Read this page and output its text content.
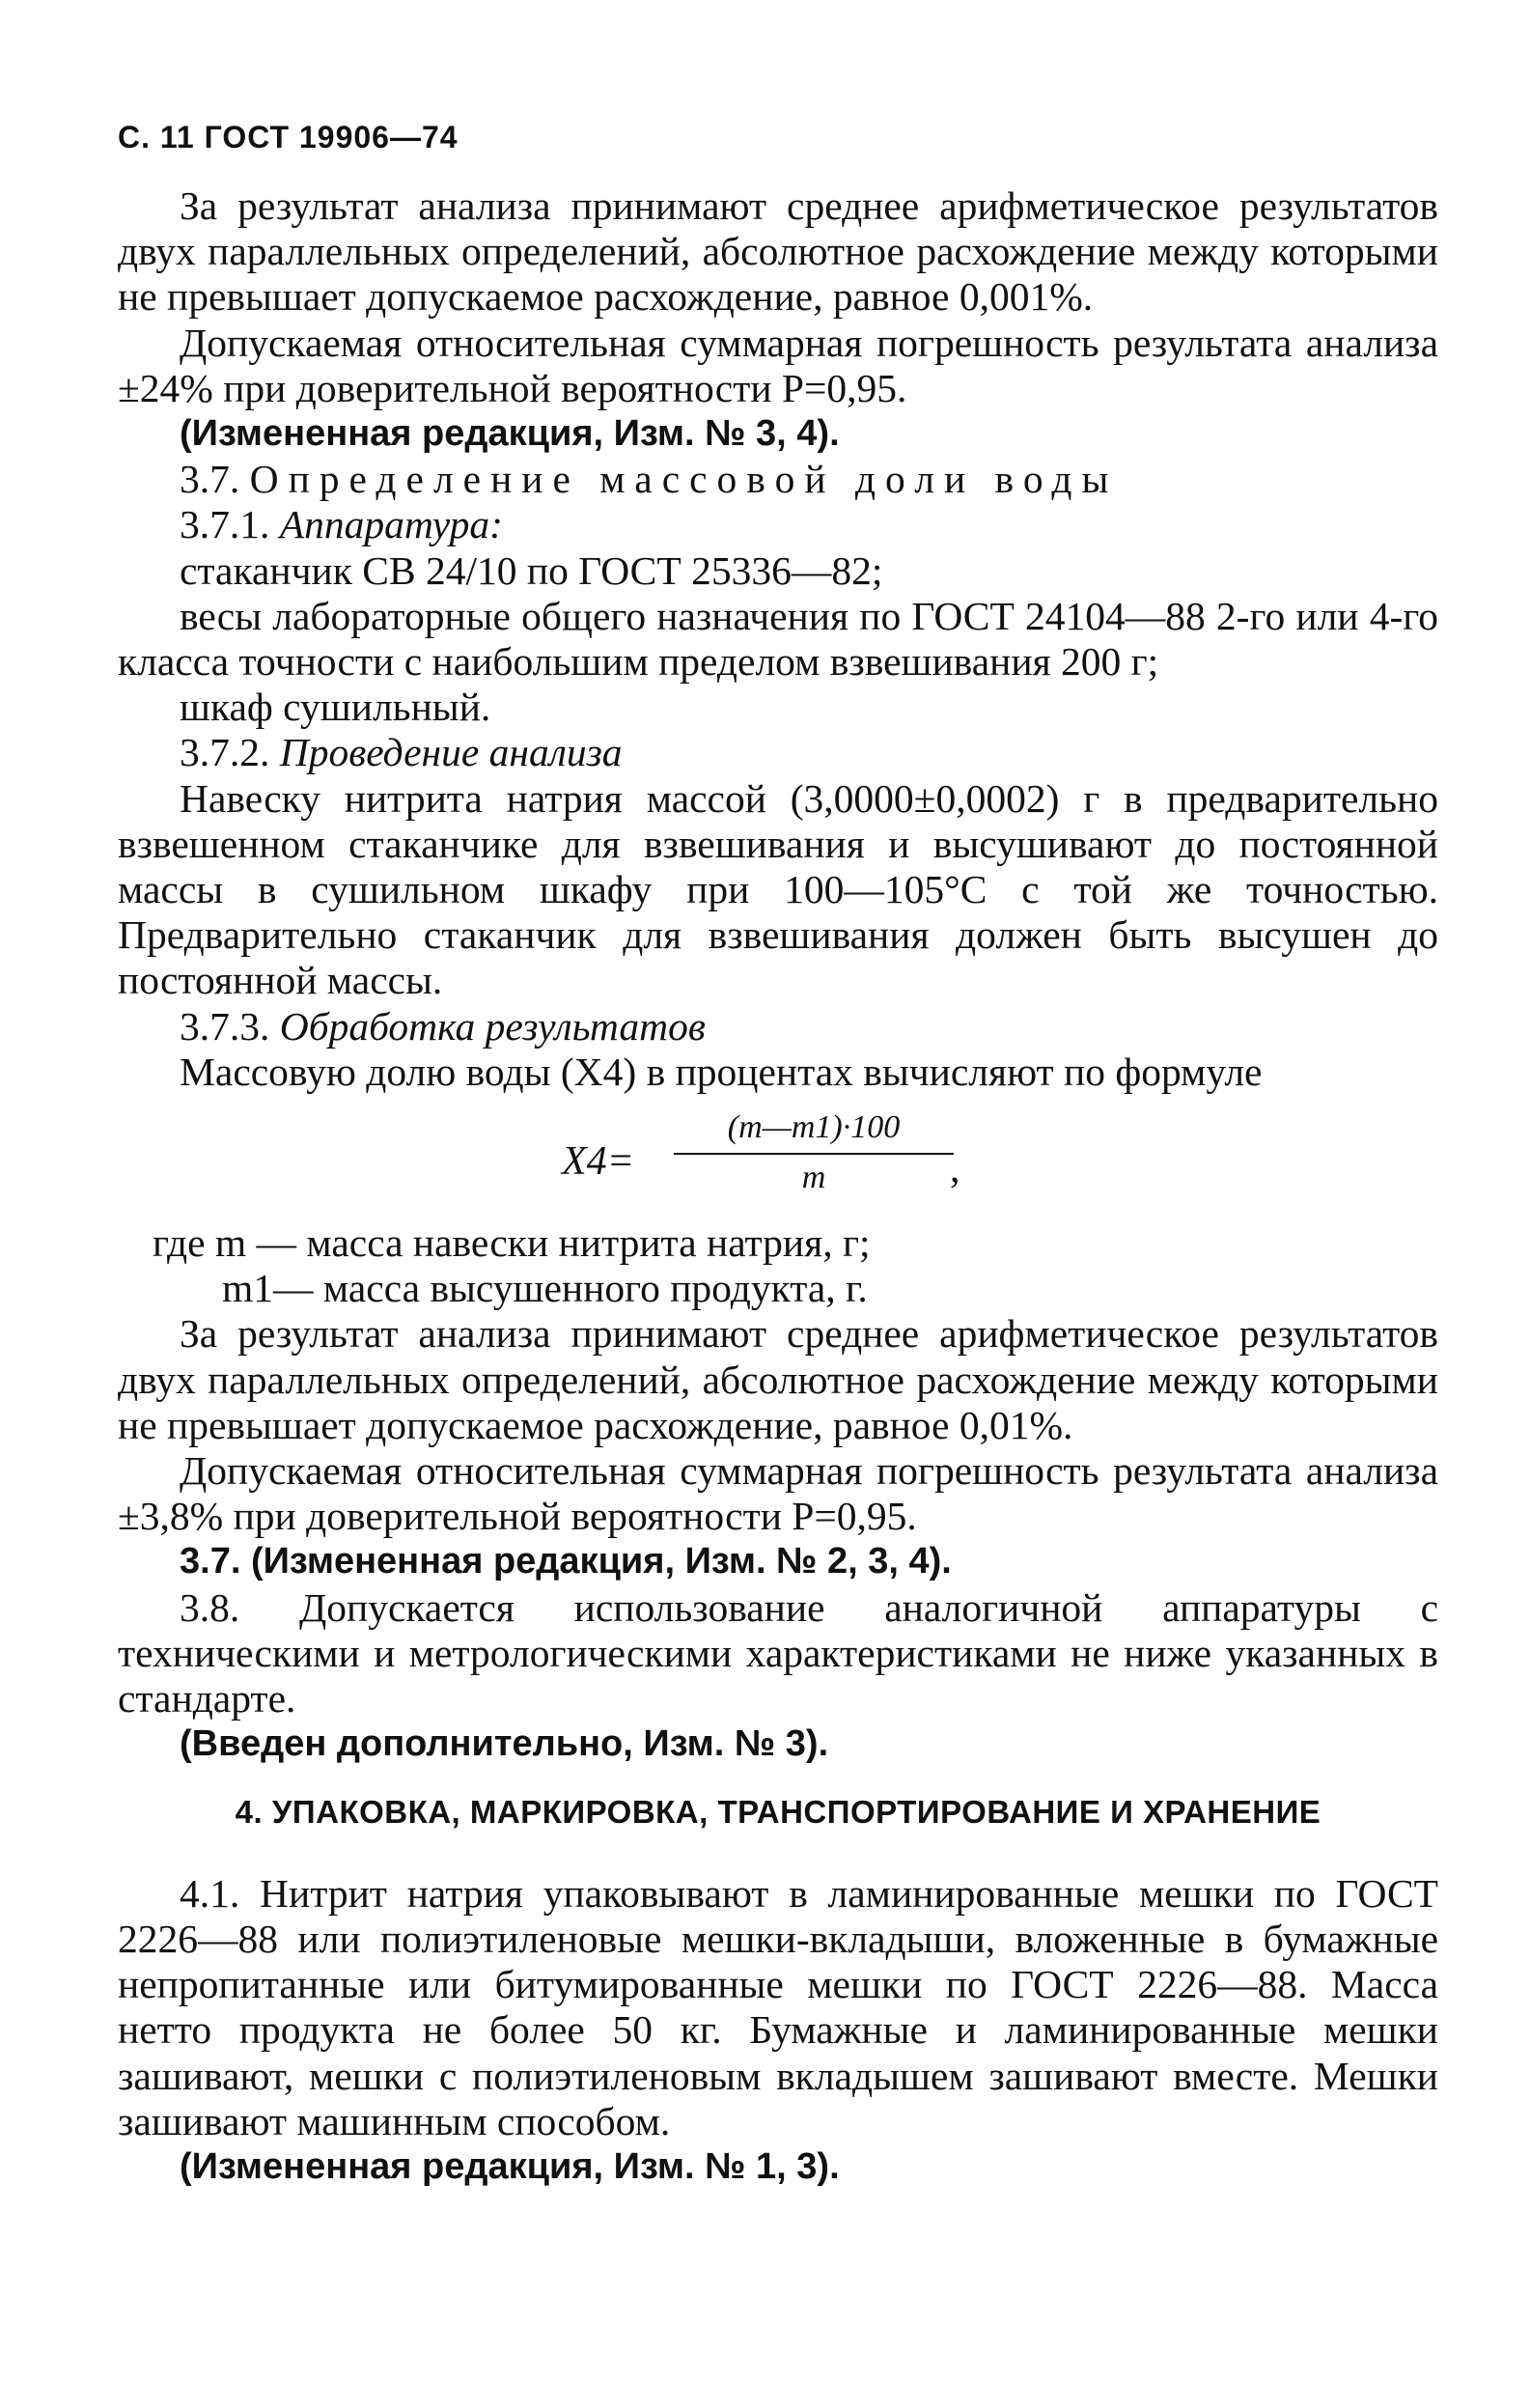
С. 11 ГОСТ 19906—74

За результат анализа принимают среднее арифметическое результатов двух параллельных определений, абсолютное расхождение между которыми не превышает допускаемое расхождение, равное 0,001%.

Допускаемая относительная суммарная погрешность результата анализа ±24% при доверительной вероятности P=0,95.

(Измененная редакция, Изм. № 3, 4).

3.7. Определение массовой доли воды

3.7.1. Аппаратура:

стаканчик СВ 24/10 по ГОСТ 25336—82;

весы лабораторные общего назначения по ГОСТ 24104—88 2-го или 4-го класса точности с наибольшим пределом взвешивания 200 г;

шкаф сушильный.

3.7.2. Проведение анализа

Навеску нитрита натрия массой (3,0000±0,0002) г в предварительно взвешенном стаканчике для взвешивания и высушивают до постоянной массы в сушильном шкафу при 100—105°С с той же точностью. Предварительно стаканчик для взвешивания должен быть высушен до постоянной массы.

3.7.3. Обработка результатов

Массовую долю воды (X4) в процентах вычисляют по формуле

X4=
(m—m1)·100
m	,

где m — масса навески нитрита натрия, г;

m1— масса высушенного продукта, г.

За результат анализа принимают среднее арифметическое результатов двух параллельных определений, абсолютное расхождение между которыми не превышает допускаемое расхождение, равное 0,01%.

Допускаемая относительная суммарная погрешность результата анализа ±3,8% при доверительной вероятности P=0,95.

3.7. (Измененная редакция, Изм. № 2, 3, 4).

3.8. Допускается использование аналогичной аппаратуры с техническими и метрологическими характеристиками не ниже указанных в стандарте.

(Введен дополнительно, Изм. № 3).

4. УПАКОВКА, МАРКИРОВКА, ТРАНСПОРТИРОВАНИЕ И ХРАНЕНИЕ

4.1. Нитрит натрия упаковывают в ламинированные мешки по ГОСТ 2226—88 или полиэтиленовые мешки-вкладыши, вложенные в бумажные непропитанные или битумированные мешки по ГОСТ 2226—88. Масса нетто продукта не более 50 кг. Бумажные и ламинированные мешки зашивают, мешки с полиэтиленовым вкладышем зашивают вместе. Мешки зашивают машинным способом.

(Измененная редакция, Изм. № 1, 3).
